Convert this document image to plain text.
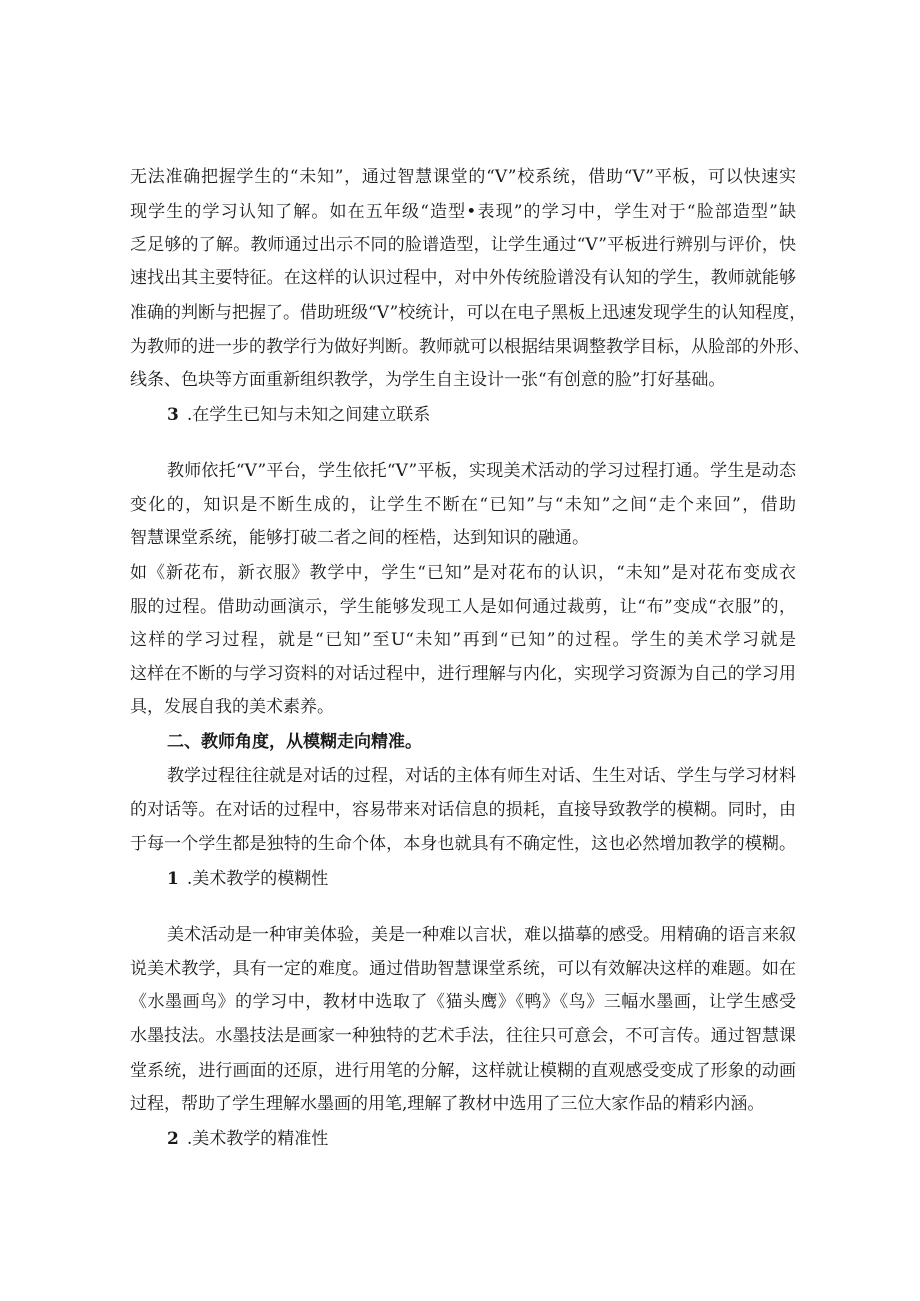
无法准确把握学生的“未知”，通过智慧课堂的“V”校系统，借助“V”平板，可以快速实

现学生的学习认知了解。如在五年级“造型•表现”的学习中，学生对于“脸部造型”缺

乏足够的了解。教师通过出示不同的脸谱造型，让学生通过“V”平板进行辨别与评价，快

速找出其主要特征。在这样的认识过程中，对中外传统脸谱没有认知的学生，教师就能够

准确的判断与把握了。借助班级“V”校统计，可以在电子黑板上迅速发现学生的认知程度，

为教师的进一步的教学行为做好判断。教师就可以根据结果调整教学目标，从脸部的外形、

线条、色块等方面重新组织教学，为学生自主设计一张“有创意的脸”打好基础。

3 .在学生已知与未知之间建立联系

教师依托“V”平台，学生依托“V”平板，实现美术活动的学习过程打通。学生是动态

变化的，知识是不断生成的，让学生不断在“已知”与“未知”之间“走个来回”，借助

智慧课堂系统，能够打破二者之间的桎梏，达到知识的融通。

如《新花布，新衣服》教学中，学生“已知”是对花布的认识，“未知”是对花布变成衣

服的过程。借助动画演示，学生能够发现工人是如何通过裁剪，让“布”变成“衣服”的，

这样的学习过程，就是“已知”至U“未知”再到“已知”的过程。学生的美术学习就是

这样在不断的与学习资料的对话过程中，进行理解与内化，实现学习资源为自己的学习用

具，发展自我的美术素养。

二、教师角度，从模糊走向精准。

教学过程往往就是对话的过程，对话的主体有师生对话、生生对话、学生与学习材料

的对话等。在对话的过程中，容易带来对话信息的损耗，直接导致教学的模糊。同时，由

于每一个学生都是独特的生命个体，本身也就具有不确定性，这也必然增加教学的模糊。

1 .美术教学的模糊性

美术活动是一种审美体验，美是一种难以言状，难以描摹的感受。用精确的语言来叙

说美术教学，具有一定的难度。通过借助智慧课堂系统，可以有效解决这样的难题。如在

《水墨画鸟》的学习中，教材中选取了《猫头鹰》《鸭》《鸟》三幅水墨画，让学生感受

水墨技法。水墨技法是画家一种独特的艺术手法，往往只可意会，不可言传。通过智慧课

堂系统，进行画面的还原，进行用笔的分解，这样就让模糊的直观感受变成了形象的动画

过程，帮助了学生理解水墨画的用笔,理解了教材中选用了三位大家作品的精彩内涵。

2 .美术教学的精准性
